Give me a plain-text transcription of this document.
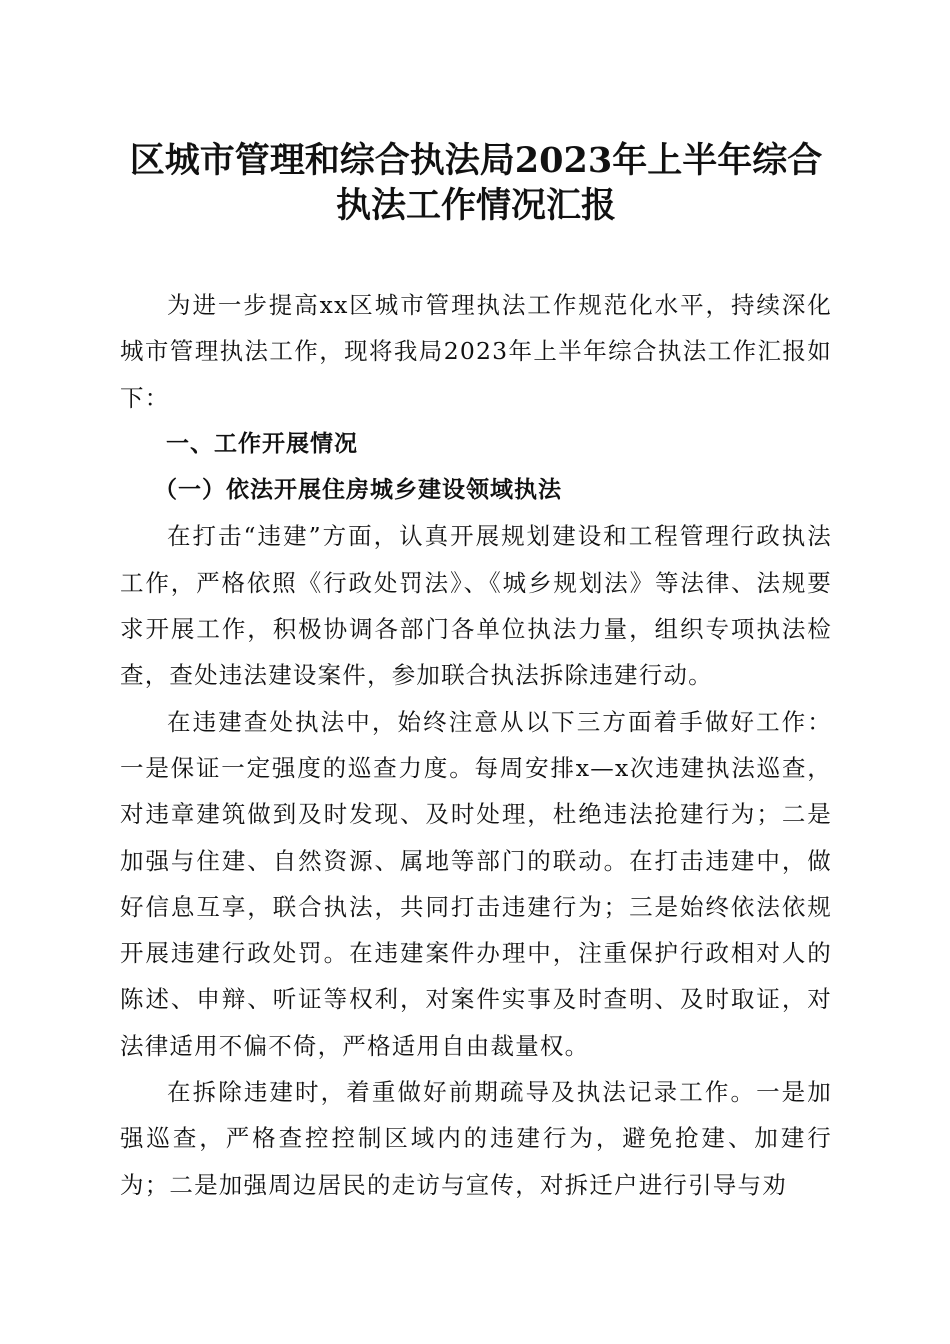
区城市管理和综合执法局2023年上半年综合
执法工作情况汇报

为进一步提高xx区城市管理执法工作规范化水平，持续深化城市管理执法工作，现将我局2023年上半年综合执法工作汇报如下：

一、工作开展情况

（一）依法开展住房城乡建设领域执法

在打击“违建”方面，认真开展规划建设和工程管理行政执法工作，严格依照《行政处罚法》、《城乡规划法》等法律、法规要求开展工作，积极协调各部门各单位执法力量，组织专项执法检查，查处违法建设案件，参加联合执法拆除违建行动。

在违建查处执法中，始终注意从以下三方面着手做好工作：一是保证一定强度的巡查力度。每周安排x—x次违建执法巡查，对违章建筑做到及时发现、及时处理，杜绝违法抢建行为；二是加强与住建、自然资源、属地等部门的联动。在打击违建中，做好信息互享，联合执法，共同打击违建行为；三是始终依法依规开展违建行政处罚。在违建案件办理中，注重保护行政相对人的陈述、申辩、听证等权利，对案件实事及时查明、及时取证，对法律适用不偏不倚，严格适用自由裁量权。

在拆除违建时，着重做好前期疏导及执法记录工作。一是加强巡查，严格查控控制区域内的违建行为，避免抢建、加建行为；二是加强周边居民的走访与宣传，对拆迁户进行引导与劝
